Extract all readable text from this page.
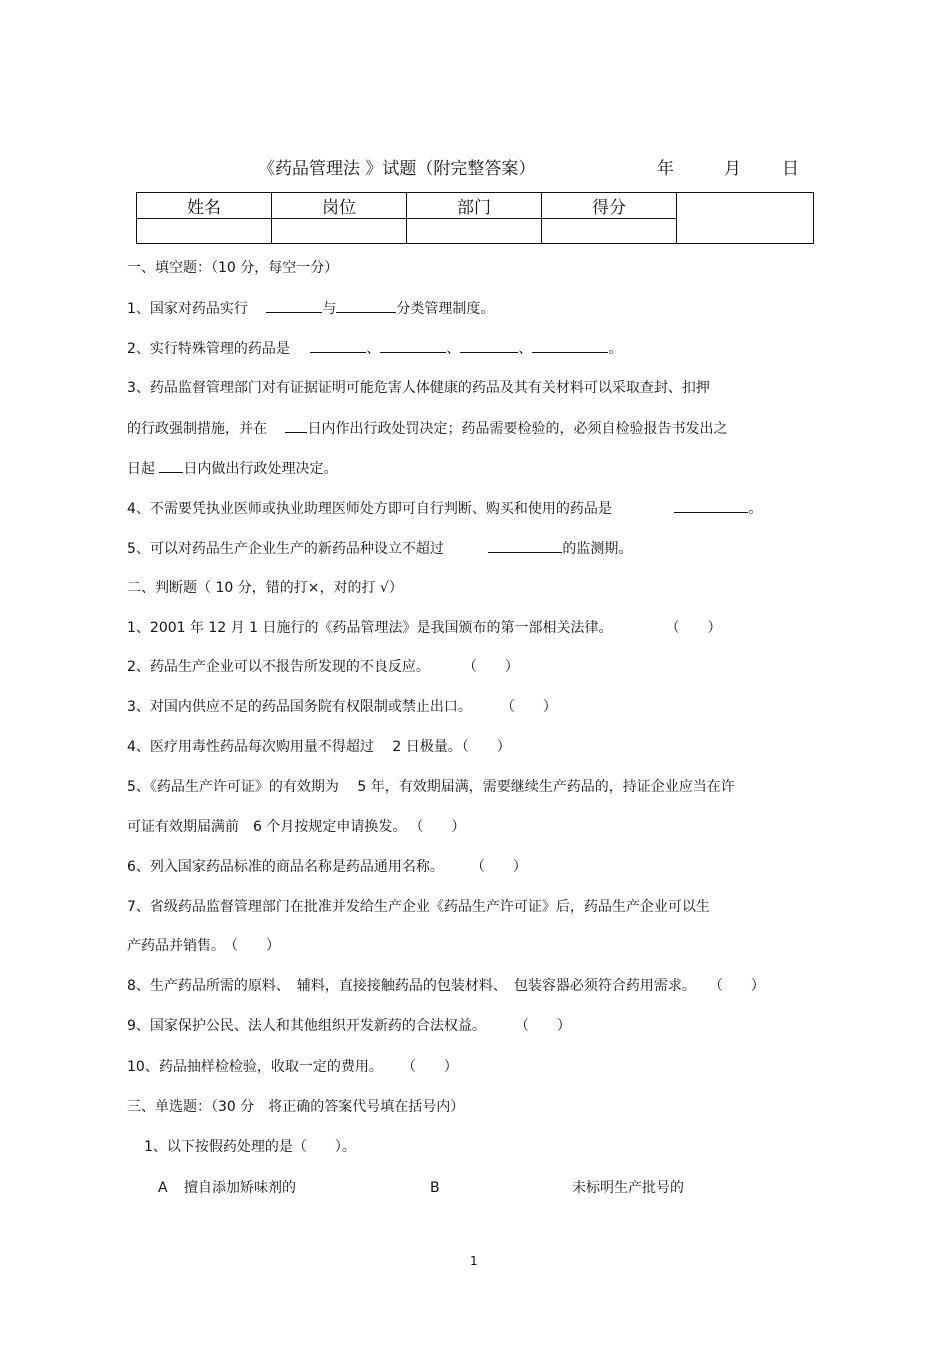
《药品管理法 》试题（附完整答案）	年	月 日
姓名	岗位	部门	得分	

一、填空题：（10 分，每空一分）
1、国家对药品实行	与	分类管理制度。
2、实行特殊管理的药品是	、	、	、	。
3、药品监督管理部门对有证据证明可能危害人体健康的药品及其有关材料可以采取查封、扣押
的行政强制措施，并在	日内作出行政处罚决定；药品需要检验的，必须自检验报告书发出之
日起 日内做出行政处理决定。
4、不需要凭执业医师或执业助理医师处方即可自行判断、购买和使用的药品是	。
5、可以对药品生产企业生产的新药品种设立不超过	的监测期。
二、判断题（ 10 分，错的打×，对的打 √）
1、2001 年 12 月 1 日施行的《药品管理法》是我国颁布的第一部相关法律。	（　　）
2、药品生产企业可以不报告所发现的不良反应。	（　　）
3、对国内供应不足的药品国务院有权限制或禁止出口。	（　　）
4、医疗用毒性药品每次购用量不得超过　 2 日极量。（　　）
5、《药品生产许可证》的有效期为　 5 年，有效期届满，需要继续生产药品的，持证企业应当在许
可证有效期届满前　6 个月按规定申请换发。 （　　）
6、列入国家药品标准的商品名称是药品通用名称。 （　　）
7、省级药品监督管理部门在批准并发给生产企业《药品生产许可证》后，药品生产企业可以生
产药品并销售。 （　　）
8、生产药品所需的原料、　辅料，直接接触药品的包装材料、　包装容器必须符合药用需求。 （　　）
9、国家保护公民、法人和其他组织开发新药的合法权益。	（　　）
10、药品抽样检检验，收取一定的费用。 （　　）
三、单选题：（30 分　将正确的答案代号填在括号内）
1、以下按假药处理的是（　　）。
A 擅自添加矫味剂的	B	未标明生产批号的
1
